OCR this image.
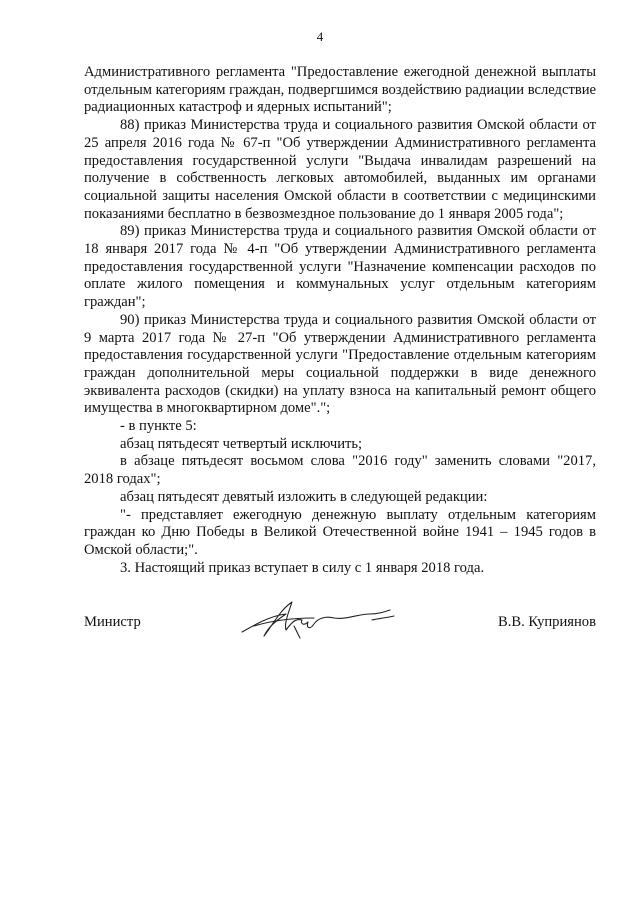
4

Административного регламента "Предоставление ежегодной денежной выплаты отдельным категориям граждан, подвергшимся воздействию радиации вследствие радиационных катастроф и ядерных испытаний";

88) приказ Министерства труда и социального развития Омской области от 25 апреля 2016 года № 67-п "Об утверждении Административного регламента предоставления государственной услуги "Выдача инвалидам разрешений на получение в собственность легковых автомобилей, выданных им органами социальной защиты населения Омской области в соответствии с медицинскими показаниями бесплатно в безвозмездное пользование до 1 января 2005 года";

89) приказ Министерства труда и социального развития Омской области от 18 января 2017 года № 4-п "Об утверждении Административного регламента предоставления государственной услуги "Назначение компенсации расходов по оплате жилого помещения и коммунальных услуг отдельным категориям граждан";

90) приказ Министерства труда и социального развития Омской области от 9 марта 2017 года № 27-п "Об утверждении Административного регламента предоставления государственной услуги "Предоставление отдельным категориям граждан дополнительной меры социальной поддержки в виде денежного эквивалента расходов (скидки) на уплату взноса на капитальный ремонт общего имущества в многоквартирном доме".";

- в пункте 5:

абзац пятьдесят четвертый исключить;

в абзаце пятьдесят восьмом слова "2016 году" заменить словами "2017, 2018 годах";

абзац пятьдесят девятый изложить в следующей редакции:

"- представляет ежегодную денежную выплату отдельным категориям граждан ко Дню Победы в Великой Отечественной войне 1941 – 1945 годов в Омской области;".

3. Настоящий приказ вступает в силу с 1 января 2018 года.

Министр	В.В. Куприянов
